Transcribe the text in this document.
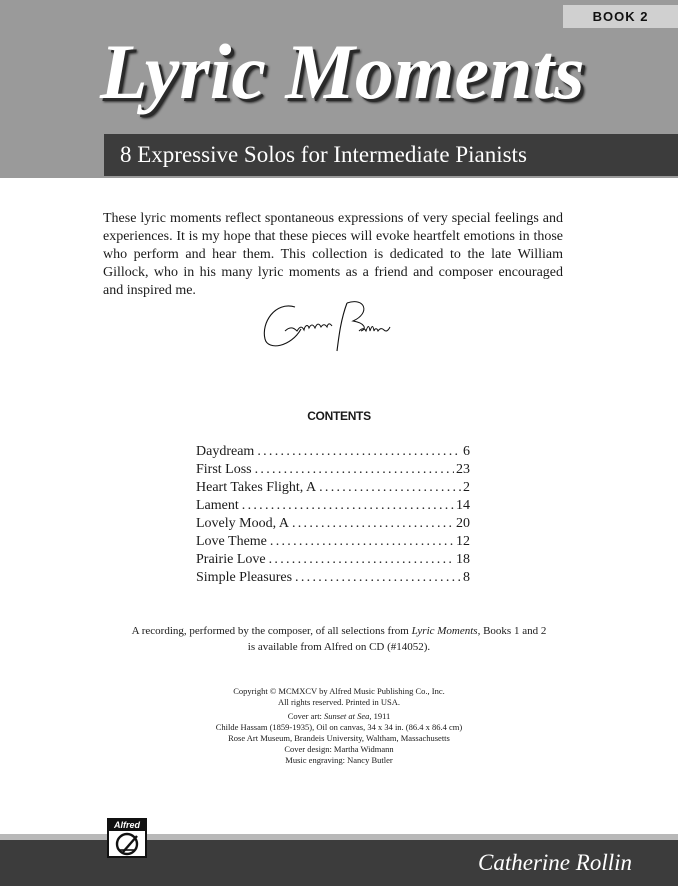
BOOK 2
Lyric Moments
8 Expressive Solos for Intermediate Pianists

These lyric moments reflect spontaneous expressions of very special feelings and experiences. It is my hope that these pieces will evoke heartfelt emotions in those who perform and hear them. This collection is dedicated to the late William Gillock, who in his many lyric moments as a friend and composer encouraged and inspired me.

CONTENTS
Daydream . . .	6
First Loss . . .	23
Heart Takes Flight, A . . .	2
Lament . . .	14
Lovely Mood, A . . .	20
Love Theme . . .	12
Prairie Love . . .	18
Simple Pleasures . . .	8
A recording, performed by the composer, of all selections from Lyric Moments, Books 1 and 2
is available from Alfred on CD (#14052).
Copyright © MCMXCV by Alfred Music Publishing Co., Inc.
All rights reserved. Printed in USA.
Cover art: Sunset at Sea, 1911
Childe Hassam (1859-1935), Oil on canvas, 34 x 34 in. (86.4 x 86.4 cm)
Rose Art Museum, Brandeis University, Waltham, Massachusetts
Cover design: Martha Widmann
Music engraving: Nancy Butler
Catherine Rollin
Alfred
